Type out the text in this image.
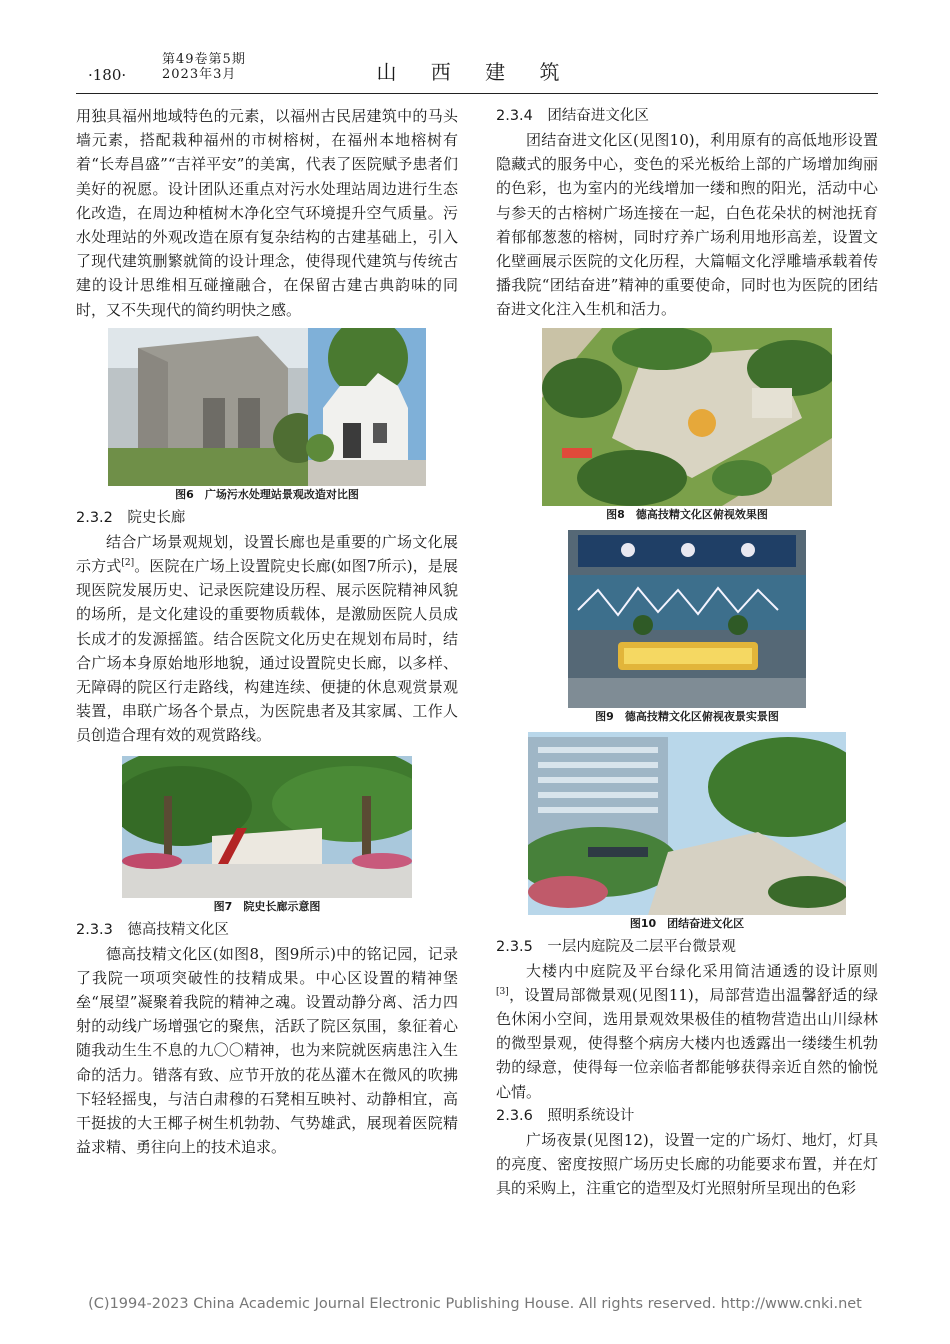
·180·
第49卷第5期
2023年3月	山 西 建 筑

用独具福州地域特色的元素，以福州古民居建筑中的马头墙元素，搭配栽种福州的市树榕树，在福州本地榕树有着“长寿昌盛”“吉祥平安”的美寓，代表了医院赋予患者们美好的祝愿。设计团队还重点对污水处理站周边进行生态化改造，在周边种植树木净化空气环境提升空气质量。污水处理站的外观改造在原有复杂结构的古建基础上，引入了现代建筑删繁就简的设计理念，使得现代建筑与传统古建的设计思维相互碰撞融合，在保留古建古典韵味的同时，又不失现代的简约明快之感。

图6　广场污水处理站景观改造对比图
2.3.2　院史长廊

结合广场景观规划，设置长廊也是重要的广场文化展示方式[2]。医院在广场上设置院史长廊(如图7所示)，是展现医院发展历史、记录医院建设历程、展示医院精神风貌的场所，是文化建设的重要物质载体，是激励医院人员成长成才的发源摇篮。结合医院文化历史在规划布局时，结合广场本身原始地形地貌，通过设置院史长廊，以多样、无障碍的院区行走路线，构建连续、便捷的休息观赏景观装置，串联广场各个景点，为医院患者及其家属、工作人员创造合理有效的观赏路线。

图7　院史长廊示意图
2.3.3　德高技精文化区

德高技精文化区(如图8，图9所示)中的铭记园，记录了我院一项项突破性的技精成果。中心区设置的精神堡垒“展望”凝聚着我院的精神之魂。设置动静分离、活力四射的动线广场增强它的聚焦，活跃了院区氛围，象征着心随我动生生不息的九〇〇精神，也为来院就医病患注入生命的活力。错落有致、应节开放的花丛灌木在微风的吹拂下轻轻摇曳，与洁白肃穆的石凳相互映衬、动静相宜，高干挺拔的大王椰子树生机勃勃、气势雄武，展现着医院精益求精、勇往向上的技术追求。

2.3.4　团结奋进文化区

团结奋进文化区(见图10)，利用原有的高低地形设置隐藏式的服务中心，变色的采光板给上部的广场增加绚丽的色彩，也为室内的光线增加一缕和煦的阳光，活动中心与参天的古榕树广场连接在一起，白色花朵状的树池抚育着郁郁葱葱的榕树，同时疗养广场利用地形高差，设置文化壁画展示医院的文化历程，大篇幅文化浮雕墙承载着传播我院“团结奋进”精神的重要使命，同时也为医院的团结奋进文化注入生机和活力。

图8　德高技精文化区俯视效果图
图9　德高技精文化区俯视夜景实景图
图10　团结奋进文化区
2.3.5　一层内庭院及二层平台微景观

大楼内中庭院及平台绿化采用简洁通透的设计原则[3]，设置局部微景观(见图11)，局部营造出温馨舒适的绿色休闲小空间，选用景观效果极佳的植物营造出山川绿林的微型景观，使得整个病房大楼内也透露出一缕缕生机勃勃的绿意，使得每一位亲临者都能够获得亲近自然的愉悦心情。

2.3.6　照明系统设计

广场夜景(见图12)，设置一定的广场灯、地灯，灯具的亮度、密度按照广场历史长廊的功能要求布置，并在灯具的采购上，注重它的造型及灯光照射所呈现出的色彩

(C)1994-2023 China Academic Journal Electronic Publishing House. All rights reserved. http://www.cnki.net
